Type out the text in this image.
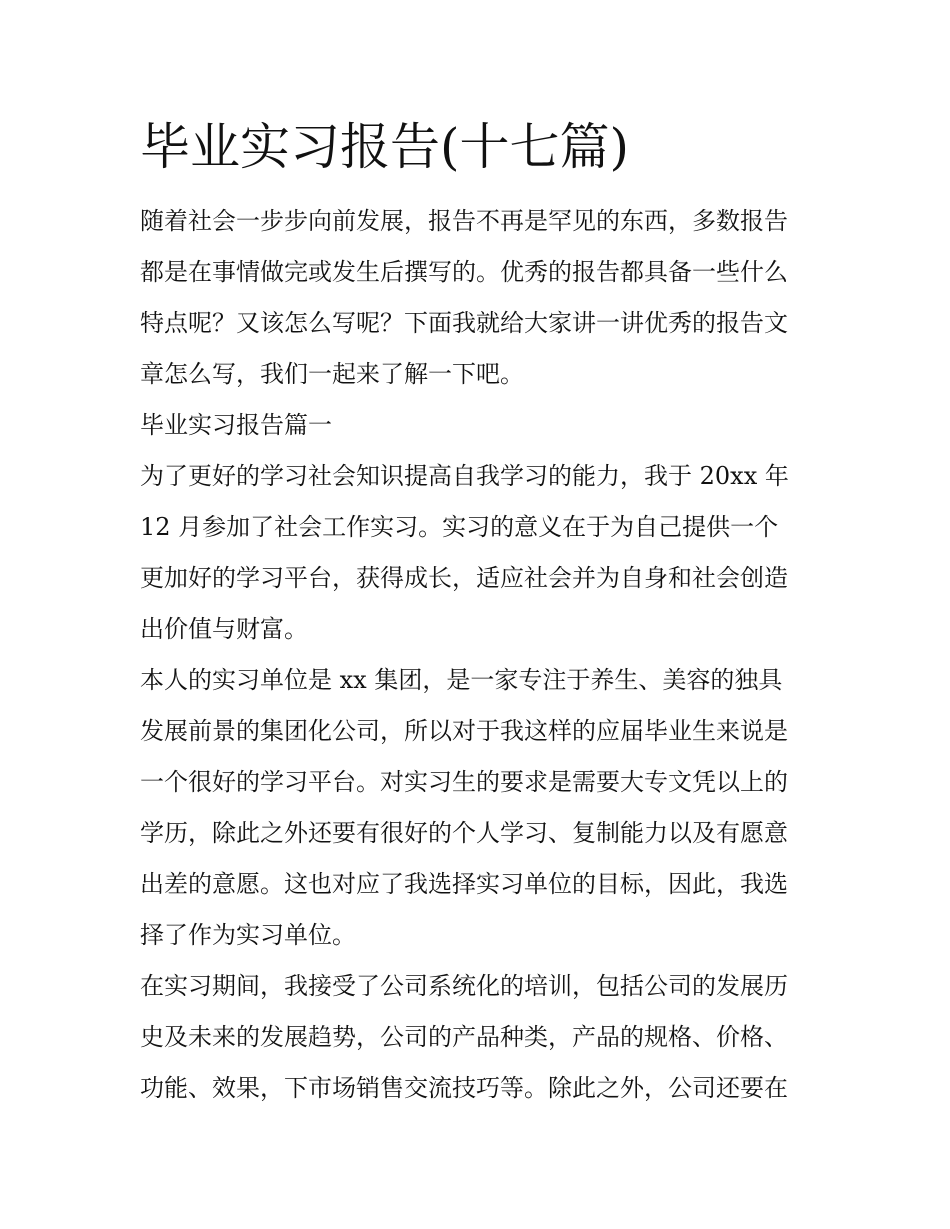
毕业实习报告(十七篇)
随着社会一步步向前发展，报告不再是罕见的东西，多数报告
都是在事情做完或发生后撰写的。优秀的报告都具备一些什么
特点呢？又该怎么写呢？下面我就给大家讲一讲优秀的报告文
章怎么写，我们一起来了解一下吧。
毕业实习报告篇一
为了更好的学习社会知识提高自我学习的能力，我于 20xx 年
12 月参加了社会工作实习。实习的意义在于为自己提供一个
更加好的学习平台，获得成长，适应社会并为自身和社会创造
出价值与财富。
本人的实习单位是 xx 集团，是一家专注于养生、美容的独具
发展前景的集团化公司，所以对于我这样的应届毕业生来说是
一个很好的学习平台。对实习生的要求是需要大专文凭以上的
学历，除此之外还要有很好的个人学习、复制能力以及有愿意
出差的意愿。这也对应了我选择实习单位的目标，因此，我选
择了作为实习单位。
在实习期间，我接受了公司系统化的培训，包括公司的发展历
史及未来的发展趋势，公司的产品种类，产品的规格、价格、
功能、效果，下市场销售交流技巧等。除此之外，公司还要在
